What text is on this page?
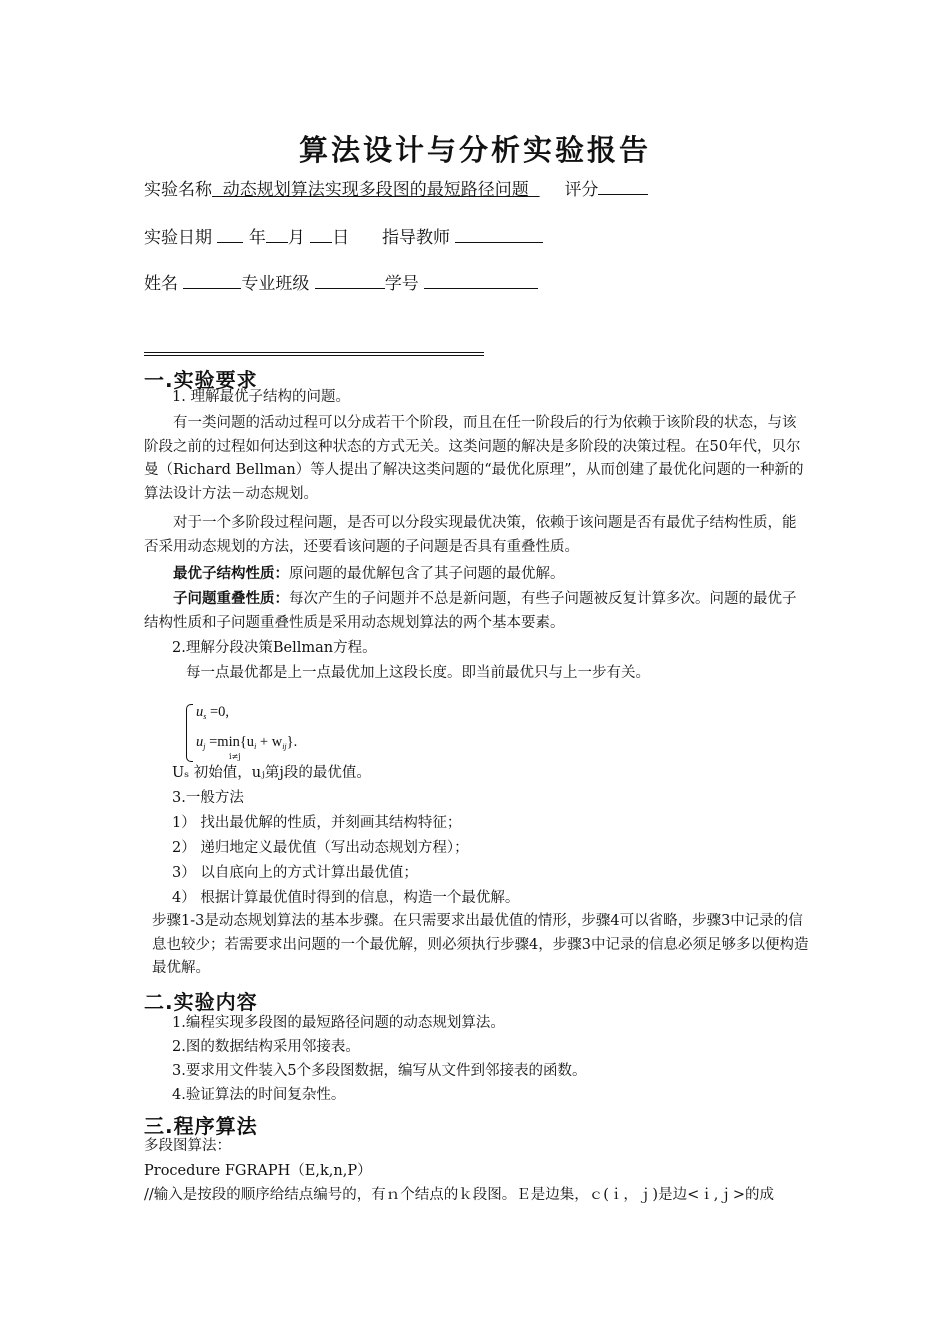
算法设计与分析实验报告
实验名称  动态规划算法实现多段图的最短路径问题    评分
实验日期 年 月 日 指导教师
姓名	专业班级	学号
一.实验要求
1. 理解最优子结构的问题。
有一类问题的活动过程可以分成若干个阶段，而且在任一阶段后的行为依赖于该阶段的状态，与该阶段之前的过程如何达到这种状态的方式无关。这类问题的解决是多阶段的决策过程。在50年代，贝尔曼（Richard Bellman）等人提出了解决这类问题的“最优化原理”，从而创建了最优化问题的一种新的算法设计方法－动态规划。
对于一个多阶段过程问题，是否可以分段实现最优决策，依赖于该问题是否有最优子结构性质，能否采用动态规划的方法，还要看该问题的子问题是否具有重叠性质。
最优子结构性质：原问题的最优解包含了其子问题的最优解。
子问题重叠性质：每次产生的子问题并不总是新问题，有些子问题被反复计算多次。问题的最优子结构性质和子问题重叠性质是采用动态规划算法的两个基本要素。
2.理解分段决策Bellman方程。
每一点最优都是上一点最优加上这段长度。即当前最优只与上一步有关。
$u_s =0$,
$u_j =\min\{u_i + w_{ij}\}$.
i≠j
Uₛ 初始值，uⱼ第j段的最优值。
3.一般方法
1） 找出最优解的性质，并刻画其结构特征；
2） 递归地定义最优值（写出动态规划方程）；
3） 以自底向上的方式计算出最优值；
4） 根据计算最优值时得到的信息，构造一个最优解。
步骤1-3是动态规划算法的基本步骤。在只需要求出最优值的情形，步骤4可以省略，步骤3中记录的信息也较少；若需要求出问题的一个最优解，则必须执行步骤4，步骤3中记录的信息必须足够多以便构造最优解。
二.实验内容
1.编程实现多段图的最短路径问题的动态规划算法。
2.图的数据结构采用邻接表。
3.要求用文件装入5个多段图数据，编写从文件到邻接表的函数。
4.验证算法的时间复杂性。
三.程序算法
多段图算法：
Procedure FGRAPH（E,k,n,P）
//输入是按段的顺序给结点编号的，有ｎ个结点的ｋ段图。Ｅ是边集，ｃ(ｉ，ｊ)是边<ｉ,ｊ>的成
